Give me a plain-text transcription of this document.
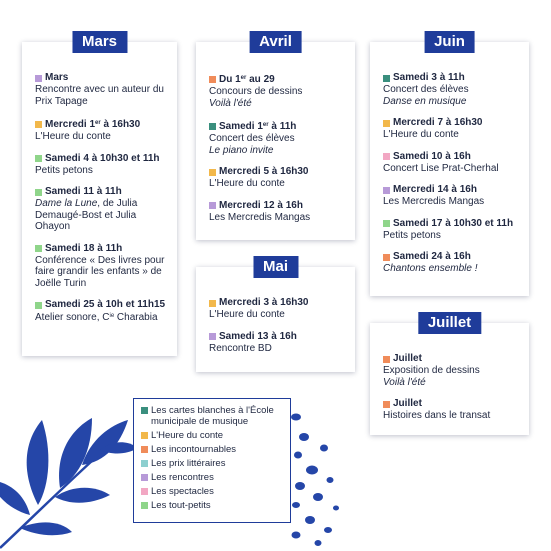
Mars
Mars
Rencontre avec un auteur du Prix Tapage
Mercredi 1er à 16h30
L'Heure du conte
Samedi 4 à 10h30 et 11h
Petits petons
Samedi 11 à 11h
Dame la Lune, de Julia Demaugé-Bost et Julia Ohayon
Samedi 18 à 11h
Conférence « Des livres pour faire grandir les enfants » de Joëlle Turin
Samedi 25 à 10h et 11h15
Atelier sonore, $C^{ie}$ Charabia
Avril
Du 1er au 29
Concours de dessins
Voilà l'été
Samedi 1er à 11h
Concert des élèves
Le piano invite
Mercredi 5 à 16h30
L'Heure du conte
Mercredi 12 à 16h
Les Mercredis Mangas
Mai
Mercredi 3 à 16h30
L'Heure du conte
Samedi 13 à 16h
Rencontre BD
Juin
Samedi 3 à 11h
Concert des élèves
Danse en musique
Mercredi 7 à 16h30
L'Heure du conte
Samedi 10 à 16h
Concert Lise Prat-Cherhal
Mercredi 14 à 16h
Les Mercredis Mangas
Samedi 17 à 10h30 et 11h
Petits petons
Samedi 24 à 16h
Chantons ensemble !
Juillet
Juillet
Exposition de dessins
Voilà l'été
Juillet
Histoires dans le transat
Les cartes blanches à l'École municipale de musique
L'Heure du conte
Les incontournables
Les prix littéraires
Les rencontres
Les spectacles
Les tout-petits
